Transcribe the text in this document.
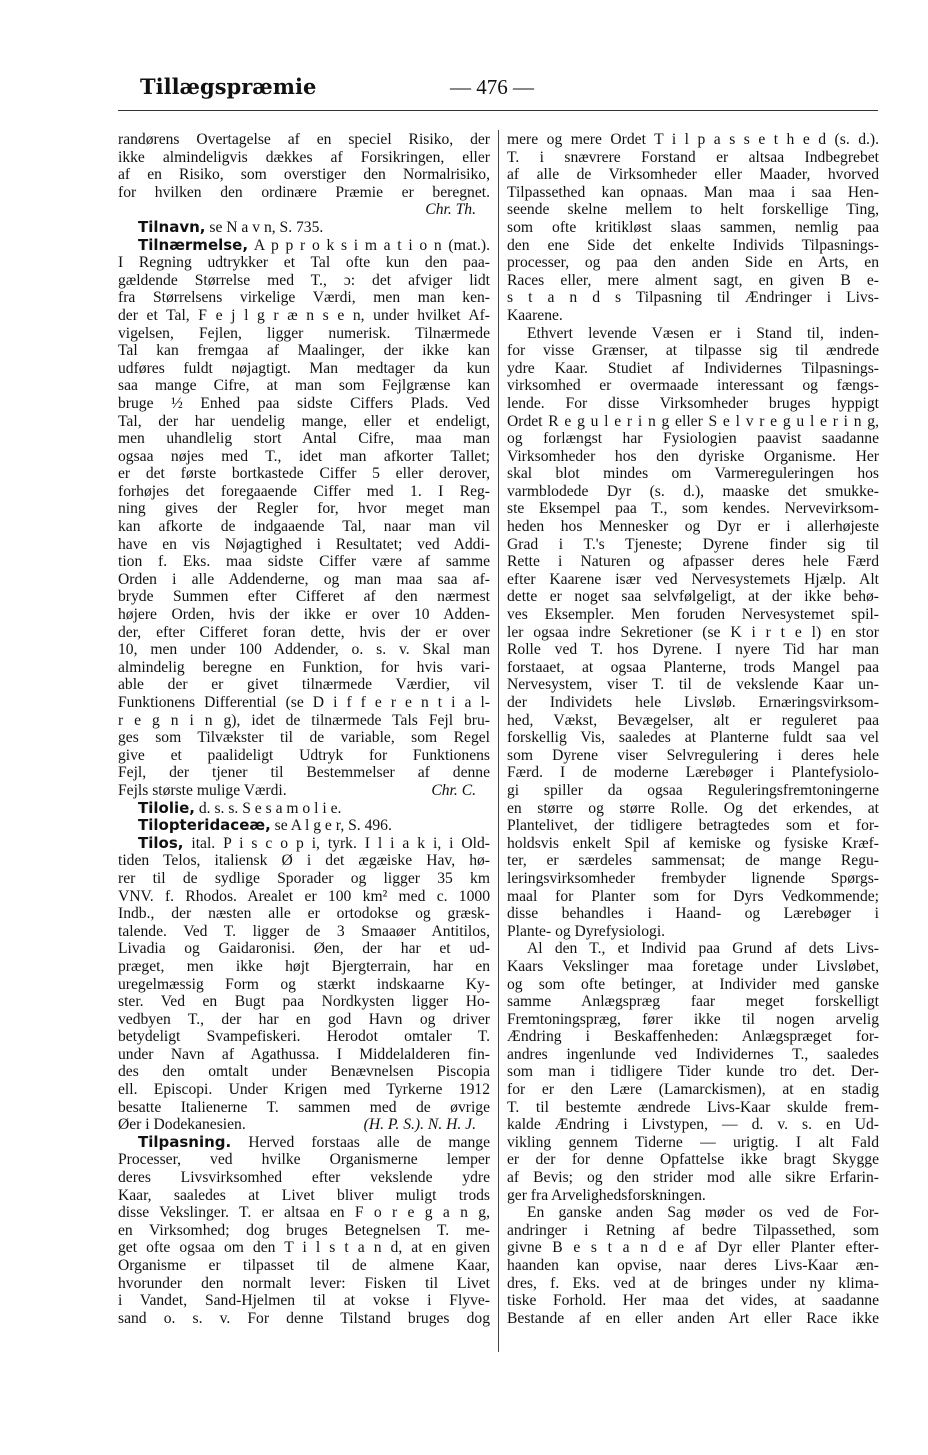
Tillægspræmie	— 476 —
randørens Overtagelse af en speciel Risiko, der
ikke almindeligvis dækkes af Forsikringen, eller
af en Risiko, som overstiger den Normalrisiko,
for hvilken den ordinære Præmie er beregnet.
Chr. Th.
Tilnavn, se N a v n, S. 735.
Tilnærmelse, A p p r o k s i m a t i o n (mat.).
I Regning udtrykker et Tal ofte kun den paa-
gældende Størrelse med T., ɔ: det afviger lidt
fra Størrelsens virkelige Værdi, men man ken-
der et Tal, F e j l g r æ n s e n, under hvilket Af-
vigelsen, Fejlen, ligger numerisk. Tilnærmede
Tal kan fremgaa af Maalinger, der ikke kan
udføres fuldt nøjagtigt. Man medtager da kun
saa mange Cifre, at man som Fejlgrænse kan
bruge ½ Enhed paa sidste Ciffers Plads. Ved
Tal, der har uendelig mange, eller et endeligt,
men uhandlelig stort Antal Cifre, maa man
ogsaa nøjes med T., idet man afkorter Tallet;
er det første bortkastede Ciffer 5 eller derover,
forhøjes det foregaaende Ciffer med 1. I Reg-
ning gives der Regler for, hvor meget man
kan afkorte de indgaaende Tal, naar man vil
have en vis Nøjagtighed i Resultatet; ved Addi-
tion f. Eks. maa sidste Ciffer være af samme
Orden i alle Addenderne, og man maa saa af-
bryde Summen efter Cifferet af den nærmest
højere Orden, hvis der ikke er over 10 Adden-
der, efter Cifferet foran dette, hvis der er over
10, men under 100 Addender, o. s. v. Skal man
almindelig beregne en Funktion, for hvis vari-
able der er givet tilnærmede Værdier, vil
Funktionens Differential (se D i f f e r e n t i a l-
r e g n i n g), idet de tilnærmede Tals Fejl bru-
ges som Tilvækster til de variable, som Regel
give et paalideligt Udtryk for Funktionens
Fejl, der tjener til Bestemmelser af denne
Chr. C.
Fejls største mulige Værdi.
Tilolie, d. s. s. S e s a m o l i e.
Tilopteridaceæ, se A l g e r, S. 496.
Tilos, ital. P i s c o p i, tyrk. I l i a k i, i Old-
tiden Telos, italiensk Ø i det ægæiske Hav, hø-
rer til de sydlige Sporader og ligger 35 km
VNV. f. Rhodos. Arealet er 100 km² med c. 1000
Indb., der næsten alle er ortodokse og græsk-
talende. Ved T. ligger de 3 Smaaøer Antitilos,
Livadia og Gaidaronisi. Øen, der har et ud-
præget, men ikke højt Bjergterrain, har en
uregelmæssig Form og stærkt indskaarne Ky-
ster. Ved en Bugt paa Nordkysten ligger Ho-
vedbyen T., der har en god Havn og driver
betydeligt Svampefiskeri. Herodot omtaler T.
under Navn af Agathussa. I Middelalderen fin-
des den omtalt under Benævnelsen Piscopia
ell. Episcopi. Under Krigen med Tyrkerne 1912
besatte Italienerne T. sammen med de øvrige
(H. P. S.). N. H. J.
Øer i Dodekanesien.
Tilpasning. Herved forstaas alle de mange
Processer, ved hvilke Organismerne lemper
deres Livsvirksomhed efter vekslende ydre
Kaar, saaledes at Livet bliver muligt trods
disse Vekslinger. T. er altsaa en F o r e g a n g,
en Virksomhed; dog bruges Betegnelsen T. me-
get ofte ogsaa om den T i l s t a n d, at en given
Organisme er tilpasset til de almene Kaar,
hvorunder den normalt lever: Fisken til Livet
i Vandet, Sand-Hjelmen til at vokse i Flyve-
sand o. s. v. For denne Tilstand bruges dog
mere og mere Ordet T i l p a s s e t h e d (s. d.).
T. i snævrere Forstand er altsaa Indbegrebet
af alle de Virksomheder eller Maader, hvorved
Tilpassethed kan opnaas. Man maa i saa Hen-
seende skelne mellem to helt forskellige Ting,
som ofte kritikløst slaas sammen, nemlig paa
den ene Side det enkelte Individs Tilpasnings-
processer, og paa den anden Side en Arts, en
Races eller, mere alment sagt, en given B e-
s t a n d s Tilpasning til Ændringer i Livs-
Kaarene.
Ethvert levende Væsen er i Stand til, inden-
for visse Grænser, at tilpasse sig til ændrede
ydre Kaar. Studiet af Individernes Tilpasnings-
virksomhed er overmaade interessant og fængs-
lende. For disse Virksomheder bruges hyppigt
Ordet R e g u l e r i n g eller S e l v r e g u l e r i n g,
og forlængst har Fysiologien paavist saadanne
Virksomheder hos den dyriske Organisme. Her
skal blot mindes om Varmereguleringen hos
varmblodede Dyr (s. d.), maaske det smukke-
ste Eksempel paa T., som kendes. Nervevirksom-
heden hos Mennesker og Dyr er i allerhøjeste
Grad i T.'s Tjeneste; Dyrene finder sig til
Rette i Naturen og afpasser deres hele Færd
efter Kaarene især ved Nervesystemets Hjælp. Alt
dette er noget saa selvfølgeligt, at der ikke behø-
ves Eksempler. Men foruden Nervesystemet spil-
ler ogsaa indre Sekretioner (se K i r t e l) en stor
Rolle ved T. hos Dyrene. I nyere Tid har man
forstaaet, at ogsaa Planterne, trods Mangel paa
Nervesystem, viser T. til de vekslende Kaar un-
der Individets hele Livsløb. Ernæringsvirksom-
hed, Vækst, Bevægelser, alt er reguleret paa
forskellig Vis, saaledes at Planterne fuldt saa vel
som Dyrene viser Selvregulering i deres hele
Færd. I de moderne Lærebøger i Plantefysiolo-
gi spiller da ogsaa Reguleringsfremtoningerne
en større og større Rolle. Og det erkendes, at
Plantelivet, der tidligere betragtedes som et for-
holdsvis enkelt Spil af kemiske og fysiske Kræf-
ter, er særdeles sammensat; de mange Regu-
leringsvirksomheder frembyder lignende Spørgs-
maal for Planter som for Dyrs Vedkommende;
disse behandles i Haand- og Lærebøger i
Plante- og Dyrefysiologi.
Al den T., et Individ paa Grund af dets Livs-
Kaars Vekslinger maa foretage under Livsløbet,
og som ofte betinger, at Individer med ganske
samme Anlægspræg faar meget forskelligt
Fremtoningspræg, fører ikke til nogen arvelig
Ændring i Beskaffenheden: Anlægspræget for-
andres ingenlunde ved Individernes T., saaledes
som man i tidligere Tider kunde tro det. Der-
for er den Lære (Lamarckismen), at en stadig
T. til bestemte ændrede Livs-Kaar skulde frem-
kalde Ændring i Livstypen, — d. v. s. en Ud-
vikling gennem Tiderne — urigtig. I alt Fald
er der for denne Opfattelse ikke bragt Skygge
af Bevis; og den strider mod alle sikre Erfarin-
ger fra Arvelighedsforskningen.
En ganske anden Sag møder os ved de For-
andringer i Retning af bedre Tilpassethed, som
givne B e s t a n d e af Dyr eller Planter efter-
haanden kan opvise, naar deres Livs-Kaar æn-
dres, f. Eks. ved at de bringes under ny klima-
tiske Forhold. Her maa det vides, at saadanne
Bestande af en eller anden Art eller Race ikke
